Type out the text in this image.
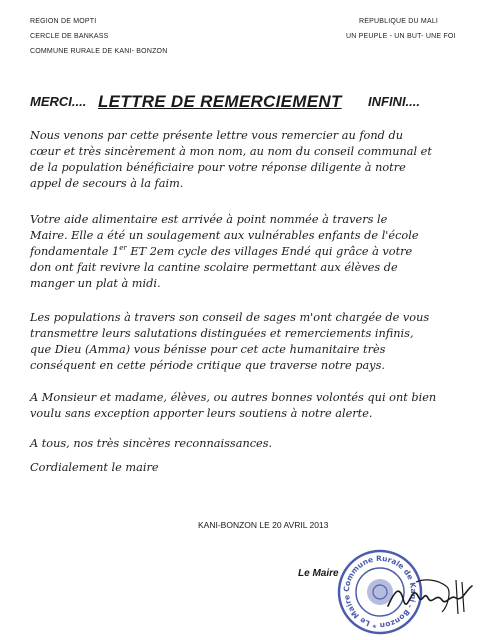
REGION DE MOPTI
CERCLE DE BANKASS
COMMUNE RURALE DE KANI- BONZON
REPUBLIQUE DU MALI
UN PEUPLE - UN BUT- UNE FOI
MERCI.... LETTRE DE REMERCIEMENT INFINI....

Nous venons par cette présente lettre vous remercier au fond du
cœur et très sincèrement à mon nom, au nom du conseil communal et
de la population bénéficiaire pour votre réponse diligente à notre
appel de secours à la faim.

Votre aide alimentaire est arrivée à point nommée à travers le
Maire. Elle a été un soulagement aux vulnérables enfants de l'école
fondamentale 1er ET 2em cycle des villages Endé qui grâce à votre
don ont fait revivre la cantine scolaire permettant aux élèves de
manger un plat à midi.

Les populations à travers son conseil de sages m'ont chargée de vous
transmettre leurs salutations distinguées et remerciements infinis,
que Dieu (Amma) vous bénisse pour cet acte humanitaire très
conséquent en cette période critique que traverse notre pays.

A Monsieur et madame, élèves, ou autres bonnes volontés qui ont bien
voulu sans exception apporter leurs soutiens à notre alerte.

A tous, nos très sincères reconnaissances.

Cordialement le maire

KANI-BONZON LE 20 AVRIL 2013
Commune Rurale de Kani - Bonzon * Le Maire
Le Maire
